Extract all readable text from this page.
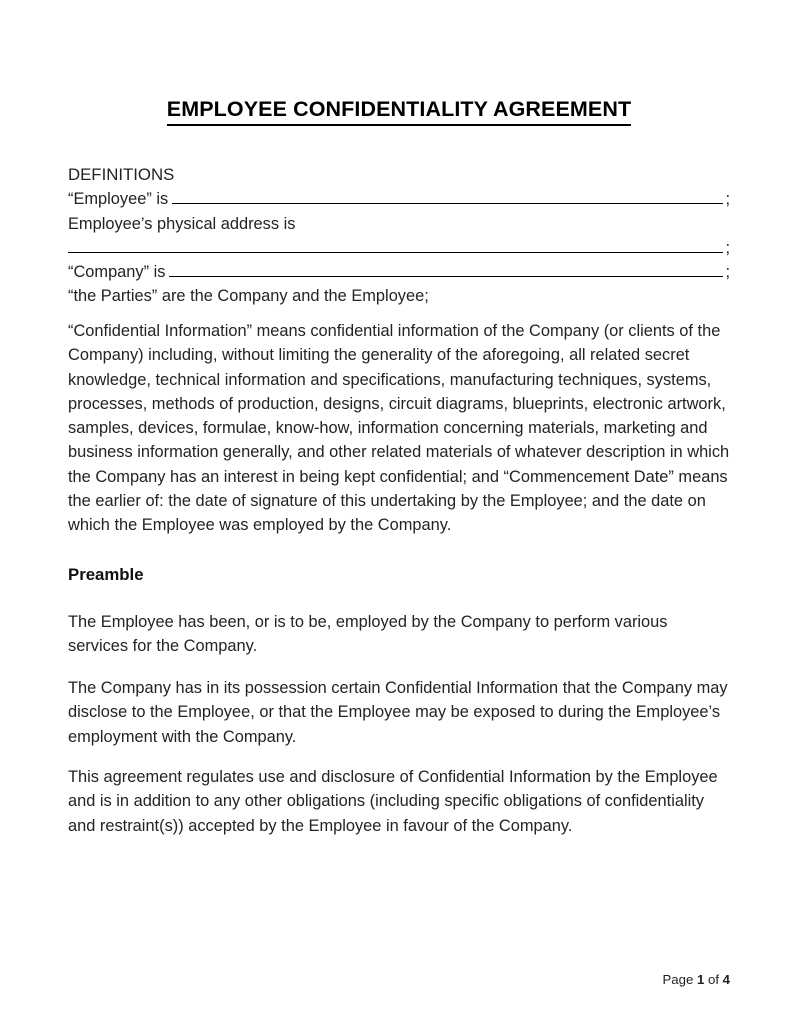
EMPLOYEE CONFIDENTIALITY AGREEMENT
DEFINITIONS
“Employee” is	;
Employee’s physical address is
;
“Company” is	;
“the Parties” are the Company and the Employee;

“Confidential Information” means confidential information of the Company (or clients of the Company) including, without limiting the generality of the aforegoing, all related secret knowledge, technical information and specifications, manufacturing techniques, systems, processes, methods of production, designs, circuit diagrams, blueprints, electronic artwork, samples, devices, formulae, know-how, information concerning materials, marketing and business information generally, and other related materials of whatever description in which the Company has an interest in being kept confidential; and “Commencement Date” means the earlier of: the date of signature of this undertaking by the Employee; and the date on which the Employee was employed by the Company.

Preamble

The Employee has been, or is to be, employed by the Company to perform various services for the Company.

The Company has in its possession certain Confidential Information that the Company may disclose to the Employee, or that the Employee may be exposed to during the Employee’s employment with the Company.

This agreement regulates use and disclosure of Confidential Information by the Employee and is in addition to any other obligations (including specific obligations of confidentiality and restraint(s)) accepted by the Employee in favour of the Company.

Page 1 of 4
